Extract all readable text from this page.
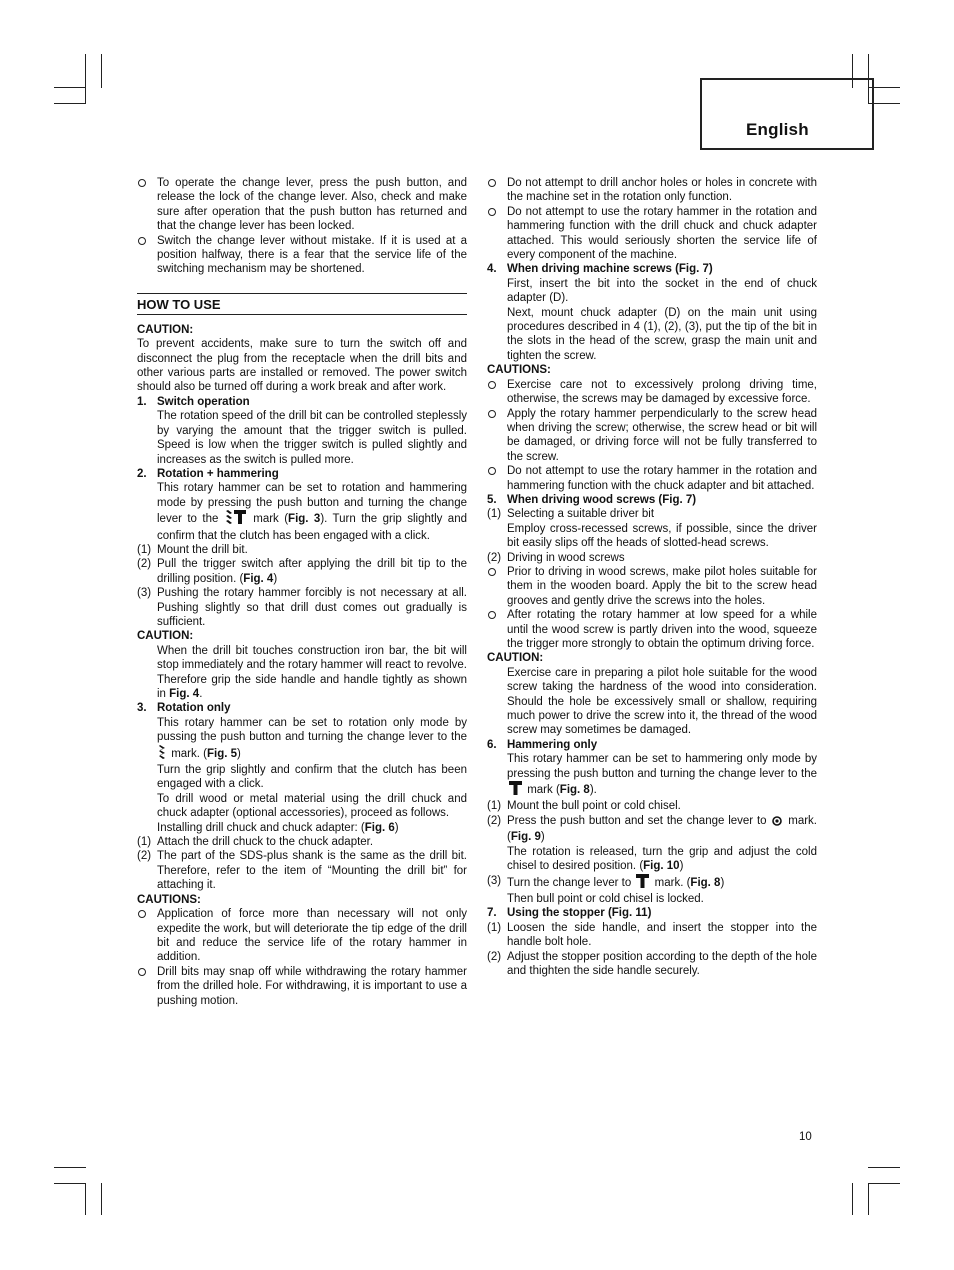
English

To operate the change lever, press the push button, and release the lock of the change lever. Also, check and make sure after operation that the push button has returned and that the change lever has been locked.

Switch the change lever without mistake. If it is used at a position halfway, there is a fear that the service life of the switching mechanism may be shortened.

HOW TO USE

CAUTION:

To prevent accidents, make sure to turn the switch off and disconnect the plug from the receptacle when the drill bits and other various parts are installed or removed. The power switch should also be turned off during a work break and after work.

1. Switch operation

The rotation speed of the drill bit can be controlled steplessly by varying the amount that the trigger switch is pulled. Speed is low when the trigger switch is pulled slightly and increases as the switch is pulled more.

2. Rotation + hammering

This rotary hammer can be set to rotation and hammering mode by pressing the push button and turning the change lever to the	mark (Fig. 3). Turn the grip slightly and confirm that the clutch has been engaged with a click.

(1) Mount the drill bit.
(2) Pull the trigger switch after applying the drill bit tip to the drilling position. (Fig. 4)
(3) Pushing the rotary hammer forcibly is not necessary at all. Pushing slightly so that drill dust comes out gradually is sufficient.

CAUTION:

When the drill bit touches construction iron bar, the bit will stop immediately and the rotary hammer will react to revolve. Therefore grip the side handle and handle tightly as shown in Fig. 4.

3. Rotation only

This rotary hammer can be set to rotation only mode by pussing the push button and turning the change lever to the  mark. (Fig. 5)

Turn the grip slightly and confirm that the clutch has been engaged with a click.

To drill wood or metal material using the drill chuck and chuck adapter (optional accessories), proceed as follows.

Installing drill chuck and chuck adapter: (Fig. 6)

(1) Attach the drill chuck to the chuck adapter.
(2) The part of the SDS-plus shank is the same as the drill bit. Therefore, refer to the item of “Mounting the drill bit” for attaching it.

CAUTIONS:

Application of force more than necessary will not only expedite the work, but will deteriorate the tip edge of the drill bit and reduce the service life of the rotary hammer in addition.

Drill bits may snap off while withdrawing the rotary hammer from the drilled hole. For withdrawing, it is important to use a pushing motion.

Do not attempt to drill anchor holes or holes in concrete with the machine set in the rotation only function.

Do not attempt to use the rotary hammer in the rotation and hammering function with the drill chuck and chuck adapter attached. This would seriously shorten the service life of every component of the machine.

4. When driving machine screws (Fig. 7)

First, insert the bit into the socket in the end of chuck adapter (D).

Next, mount chuck adapter (D) on the main unit using procedures described in 4 (1), (2), (3), put the tip of the bit in the slots in the head of the screw, grasp the main unit and tighten the screw.

CAUTIONS:

Exercise care not to excessively prolong driving time, otherwise, the screws may be damaged by excessive force.

Apply the rotary hammer perpendicularly to the screw head when driving the screw; otherwise, the screw head or bit will be damaged, or driving force will not be fully transferred to the screw.

Do not attempt to use the rotary hammer in the rotation and hammering function with the chuck adapter and bit attached.

5. When driving wood screws (Fig. 7)
(1) Selecting a suitable driver bit

Employ cross-recessed screws, if possible, since the driver bit easily slips off the heads of slotted-head screws.

(2) Driving in wood screws

Prior to driving in wood screws, make pilot holes suitable for them in the wooden board. Apply the bit to the screw head grooves and gently drive the screws into the holes.

After rotating the rotary hammer at low speed for a while until the wood screw is partly driven into the wood, squeeze the trigger more strongly to obtain the optimum driving force.

CAUTION:

Exercise care in preparing a pilot hole suitable for the wood screw taking the hardness of the wood into consideration. Should the hole be excessively small or shallow, requiring much power to drive the screw into it, the thread of the wood screw may sometimes be damaged.

6. Hammering only

This rotary hammer can be set to hammering only mode by pressing the push button and turning the change lever to the  mark (Fig. 8).

(1) Mount the bull point or cold chisel.
(2) Press the push button and set the change lever to mark. (Fig. 9)

The rotation is released, turn the grip and adjust the cold chisel to desired position. (Fig. 10)

(3) Turn the change lever to mark. (Fig. 8)

Then bull point or cold chisel is locked.

7. Using the stopper (Fig. 11)
(1) Loosen the side handle, and insert the stopper into the handle bolt hole.
(2) Adjust the stopper position according to the depth of the hole and thighten the side handle securely.
10
